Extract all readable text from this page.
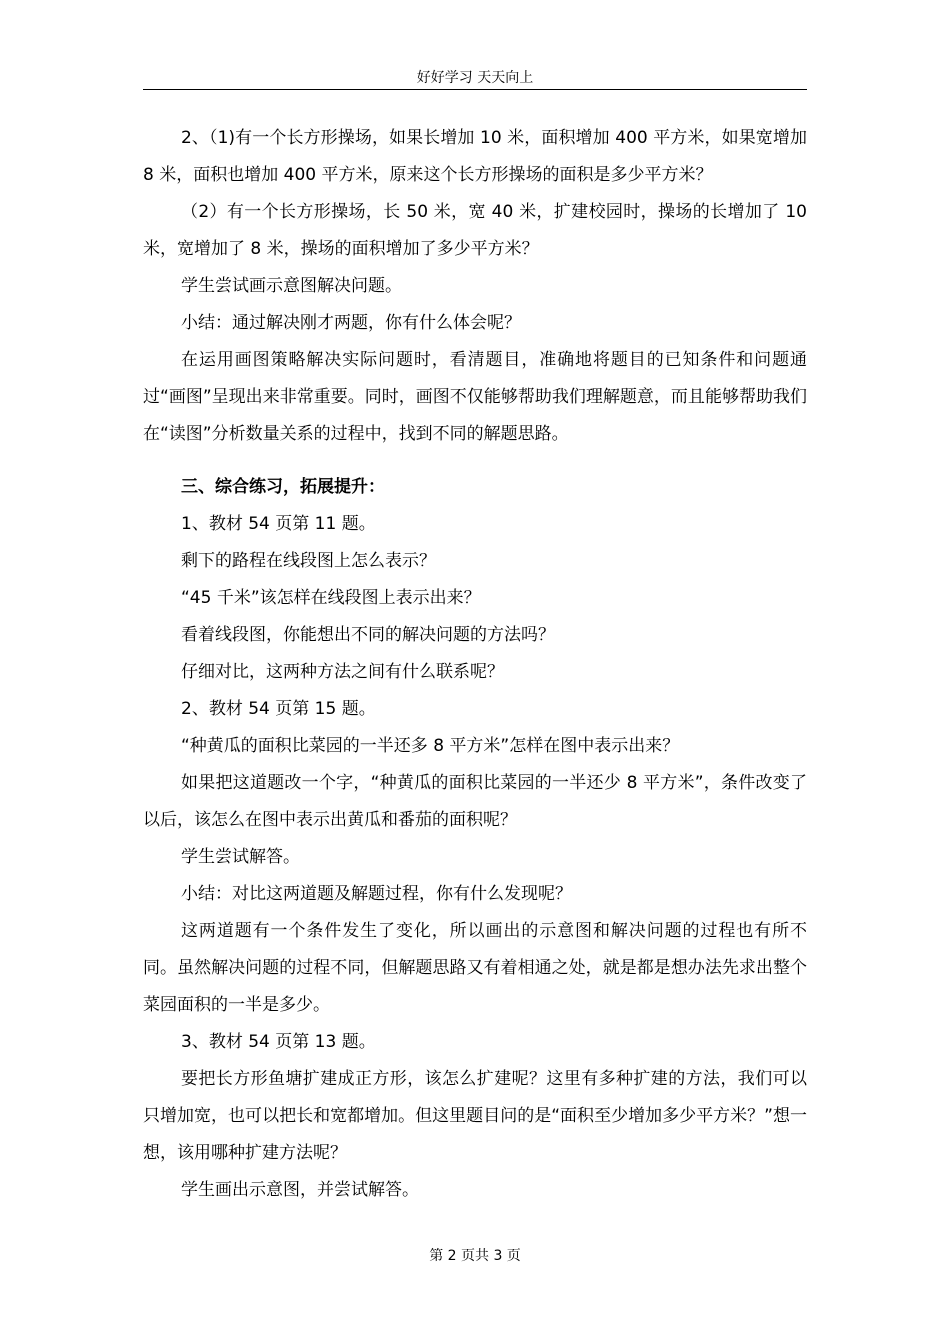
好好学习 天天向上

2、（1)有一个长方形操场，如果长增加 10 米，面积增加 400 平方米，如果宽增加 8 米，面积也增加 400 平方米，原来这个长方形操场的面积是多少平方米？

（2）有一个长方形操场，长 50 米，宽 40 米，扩建校园时，操场的长增加了 10 米，宽增加了 8 米，操场的面积增加了多少平方米？

学生尝试画示意图解决问题。

小结：通过解决刚才两题，你有什么体会呢？

在运用画图策略解决实际问题时，看清题目，准确地将题目的已知条件和问题通过“画图”呈现出来非常重要。同时，画图不仅能够帮助我们理解题意，而且能够帮助我们在“读图”分析数量关系的过程中，找到不同的解题思路。

三、综合练习，拓展提升：

1、教材 54 页第 11 题。

剩下的路程在线段图上怎么表示？

“45 千米”该怎样在线段图上表示出来？

看着线段图，你能想出不同的解决问题的方法吗？

仔细对比，这两种方法之间有什么联系呢？

2、教材 54 页第 15 题。

“种黄瓜的面积比菜园的一半还多 8 平方米”怎样在图中表示出来？

如果把这道题改一个字，“种黄瓜的面积比菜园的一半还少 8 平方米”，条件改变了以后，该怎么在图中表示出黄瓜和番茄的面积呢？

学生尝试解答。

小结：对比这两道题及解题过程，你有什么发现呢？

这两道题有一个条件发生了变化，所以画出的示意图和解决问题的过程也有所不同。虽然解决问题的过程不同，但解题思路又有着相通之处，就是都是想办法先求出整个菜园面积的一半是多少。

3、教材 54 页第 13 题。

要把长方形鱼塘扩建成正方形，该怎么扩建呢？这里有多种扩建的方法，我们可以只增加宽，也可以把长和宽都增加。但这里题目问的是“面积至少增加多少平方米？”想一想，该用哪种扩建方法呢？

学生画出示意图，并尝试解答。

第 2 页共 3 页
